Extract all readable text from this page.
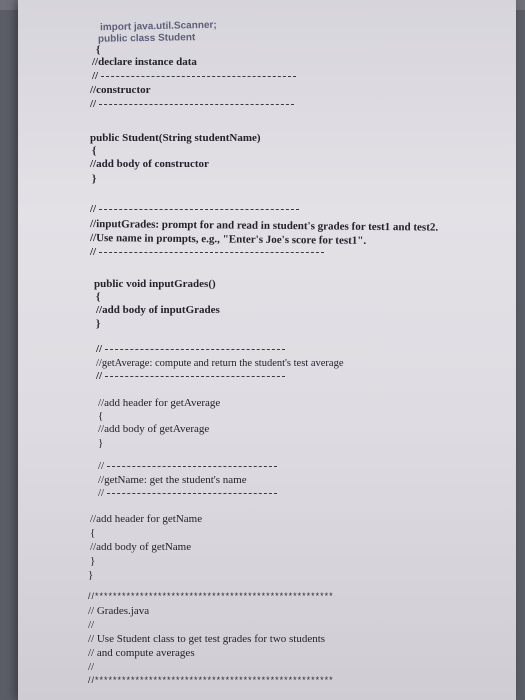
import java.util.Scanner;
public class Student
{
//declare instance data
//
//constructor
//
public Student(String studentName)
{
//add body of constructor
}
//
//inputGrades: prompt for and read in student's grades for test1 and test2.
//Use name in prompts, e.g., "Enter's Joe's score for test1".
//
public void inputGrades()
{
//add body of inputGrades
}
//
//getAverage: compute and return the student's test average
//
//add header for getAverage
{
//add body of getAverage
}
//
//getName: get the student's name
//
//add header for getName
{
//add body of getName
}
}
//*****************************************************
// Grades.java
//
// Use Student class to get test grades for two students
// and compute averages
//
//*****************************************************
